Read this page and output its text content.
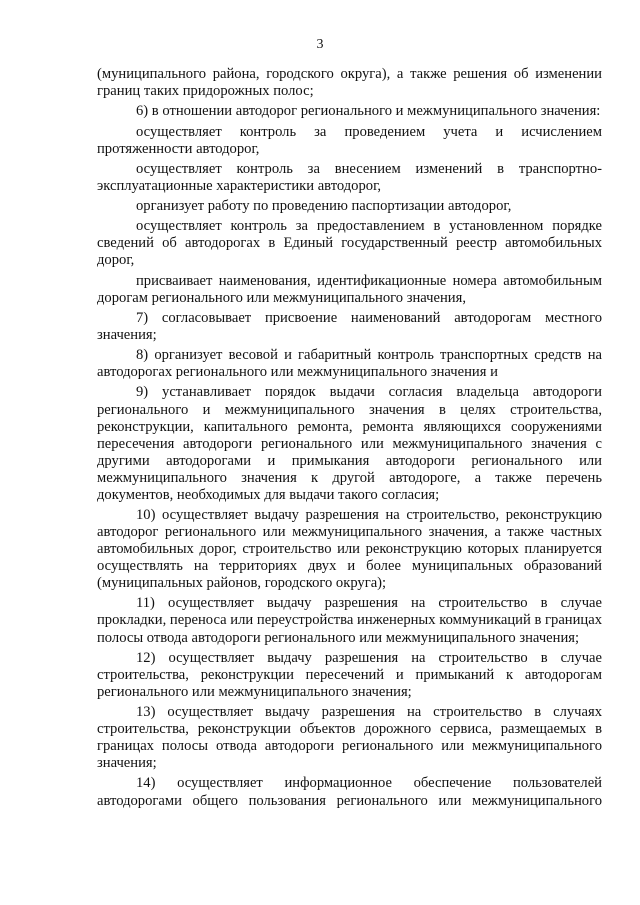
3

(муниципального района, городского округа), а также решения об изменении границ таких придорожных полос;

6) в отношении автодорог регионального и межмуниципального значения:

осуществляет контроль за проведением учета и исчислением протяженности автодорог,

осуществляет контроль за внесением изменений в транспортно-эксплуатационные характеристики автодорог,

организует работу по проведению паспортизации автодорог,

осуществляет контроль за предоставлением в установленном порядке сведений об автодорогах в Единый государственный реестр автомобильных дорог,

присваивает наименования, идентификационные номера автомобильным дорогам регионального или межмуниципального значения,

7) согласовывает присвоение наименований автодорогам местного значения;

8) организует весовой и габаритный контроль транспортных средств на автодорогах регионального или межмуниципального значения и

9) устанавливает порядок выдачи согласия владельца автодороги регионального и межмуниципального значения в целях строительства, реконструкции, капитального ремонта, ремонта являющихся сооружениями пересечения автодороги регионального или межмуниципального значения с другими автодорогами и примыкания автодороги регионального или межмуниципального значения к другой автодороге, а также перечень документов, необходимых для выдачи такого согласия;

10) осуществляет выдачу разрешения на строительство, реконструкцию автодорог регионального или межмуниципального значения, а также частных автомобильных дорог, строительство или реконструкцию которых планируется осуществлять на территориях двух и более муниципальных образований (муниципальных районов, городского округа);

11) осуществляет выдачу разрешения на строительство в случае прокладки, переноса или переустройства инженерных коммуникаций в границах полосы отвода автодороги регионального или межмуниципального значения;

12) осуществляет выдачу разрешения на строительство в случае строительства, реконструкции пересечений и примыканий к автодорогам регионального или межмуниципального значения;

13) осуществляет выдачу разрешения на строительство в случаях строительства, реконструкции объектов дорожного сервиса, размещаемых в границах полосы отвода автодороги регионального или межмуниципального значения;

14) осуществляет информационное обеспечение пользователей автодорогами общего пользования регионального или межмуниципального
